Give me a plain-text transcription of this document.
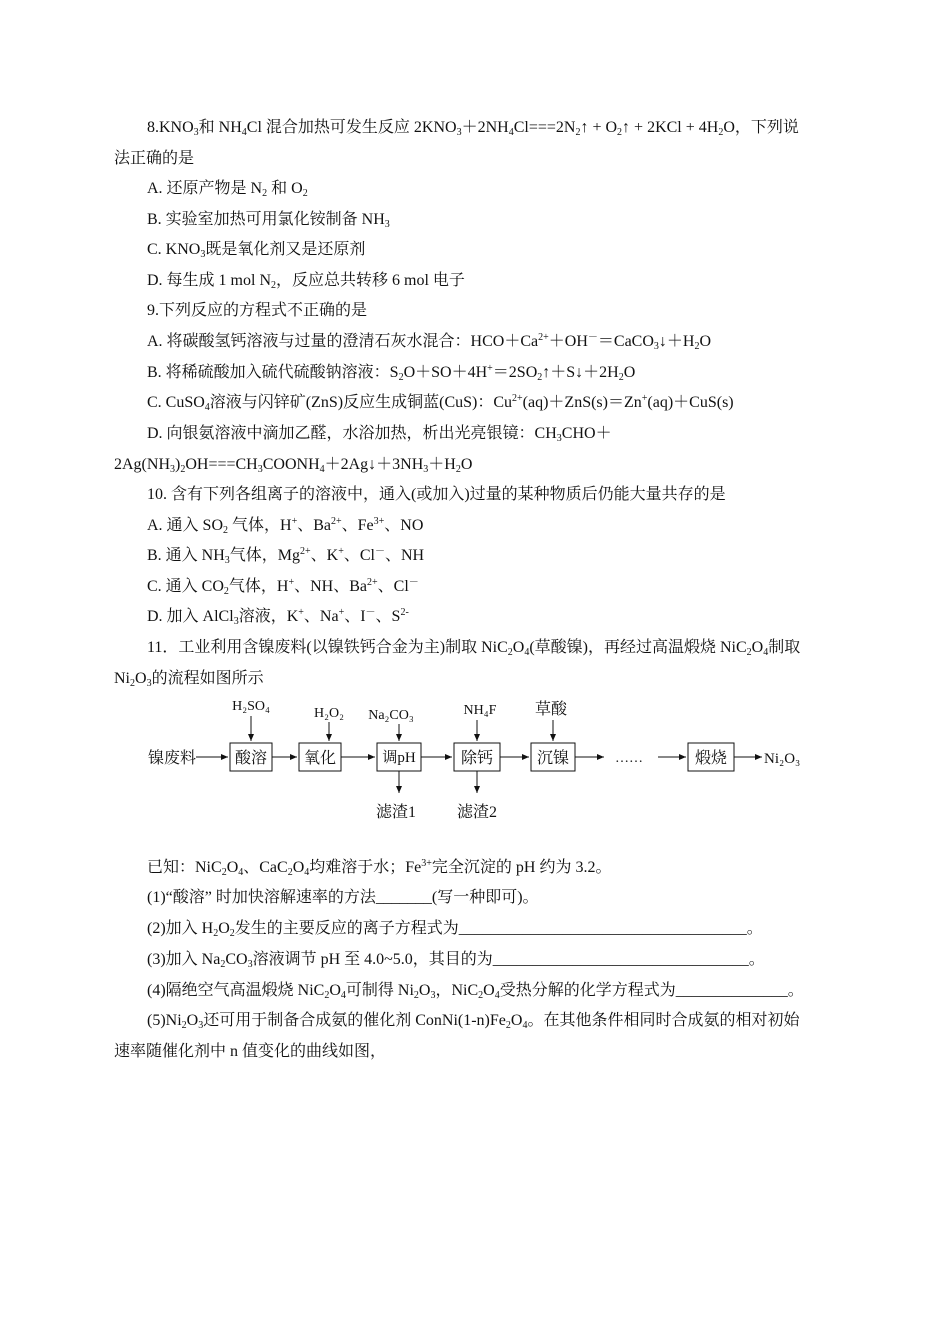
$8.KNO_3$和 $NH_4Cl$ 混合加热可发生反应 $2KNO_3+2NH_4Cl===2N_2↑$ + $O_2↑ + 2KCl + 4H_2O$，下列说
法正确的是
A. 还原产物是 $N_2$ 和 $O_2$
B. 实验室加热可用氯化铵制备 $NH_3$
C. $KNO_3$既是氧化剂又是还原剂
D. 每生成 1 mol $N_2$，反应总共转移 6 mol 电子
9.下列反应的方程式不正确的是
A. 将碳酸氢钙溶液与过量的澄清石灰水混合：$HCO+Ca^{2+}+OH^-=CaCO_3↓+H_2O$
B. 将稀硫酸加入硫代硫酸钠溶液：$S_2O+SO+4H^+=2SO_2↑+S↓+2H_2O$
C. CuSO$_4$溶液与闪锌矿(ZnS)反应生成铜蓝(CuS)：$Cu^{2+}(aq)+ZnS(s)=Zn^+(aq)+CuS(s)$
D. 向银氨溶液中滴加乙醛，水浴加热，析出光亮银镜：$CH_3CHO+$
$2Ag(NH_3)_2OH===CH_3COONH_4+2Ag↓+3NH_3+H_2O$
10. 含有下列各组离子的溶液中，通入(或加入)过量的某种物质后仍能大量共存的是
A. 通入 $SO_2$ 气体，H+、$Ba^{2+}$、$Fe^{3+}$、NO
B. 通入 $NH_3$气体，$Mg^{2+}$、K+、Cl－、NH
C. 通入 $CO_2$气体，H+、NH、$Ba^{2+}$、Cl－
D. 加入 AlCl$_3$溶液，K+、Na+、I－、$S^{2-}$
11．工业利用含镍废料(以镍铁钙合金为主)制取 $NiC_2O_4$(草酸镍)，再经过高温煅烧 $NiC_2O_4$制取
$Ni_2O_3$的流程如图所示
镍废料 酸溶 氧化	调pH	除钙	沉镍	……	煅烧 Ni₂O₃
H₂SO₄	H₂O₂ Na₂CO₃	NH₄F 草酸
滤渣1	滤渣2
已知：$NiC_2O_4$、$CaC_2O_4$均难溶于水；$Fe^{3+}$完全沉淀的 pH 约为 3.2。
(1)“酸溶” 时加快溶解速率的方法_______(写一种即可)。
(2)加入 $H_2O_2$发生的主要反应的离子方程式为____________________________________。
(3)加入 $Na_2CO_3$溶液调节 pH 至 4.0~5.0，其目的为________________________________。
(4)隔绝空气高温煅烧 $NiC_2O_4$可制得 $Ni_2O_3$，$NiC_2O_4$受热分解的化学方程式为______________。
$(5)Ni_2O_3$还可用于制备合成氨的催化剂 $ConNi(1-n)Fe_2O_4$。在其他条件相同时合成氨的相对初始
速率随催化剂中 n 值变化的曲线如图，
